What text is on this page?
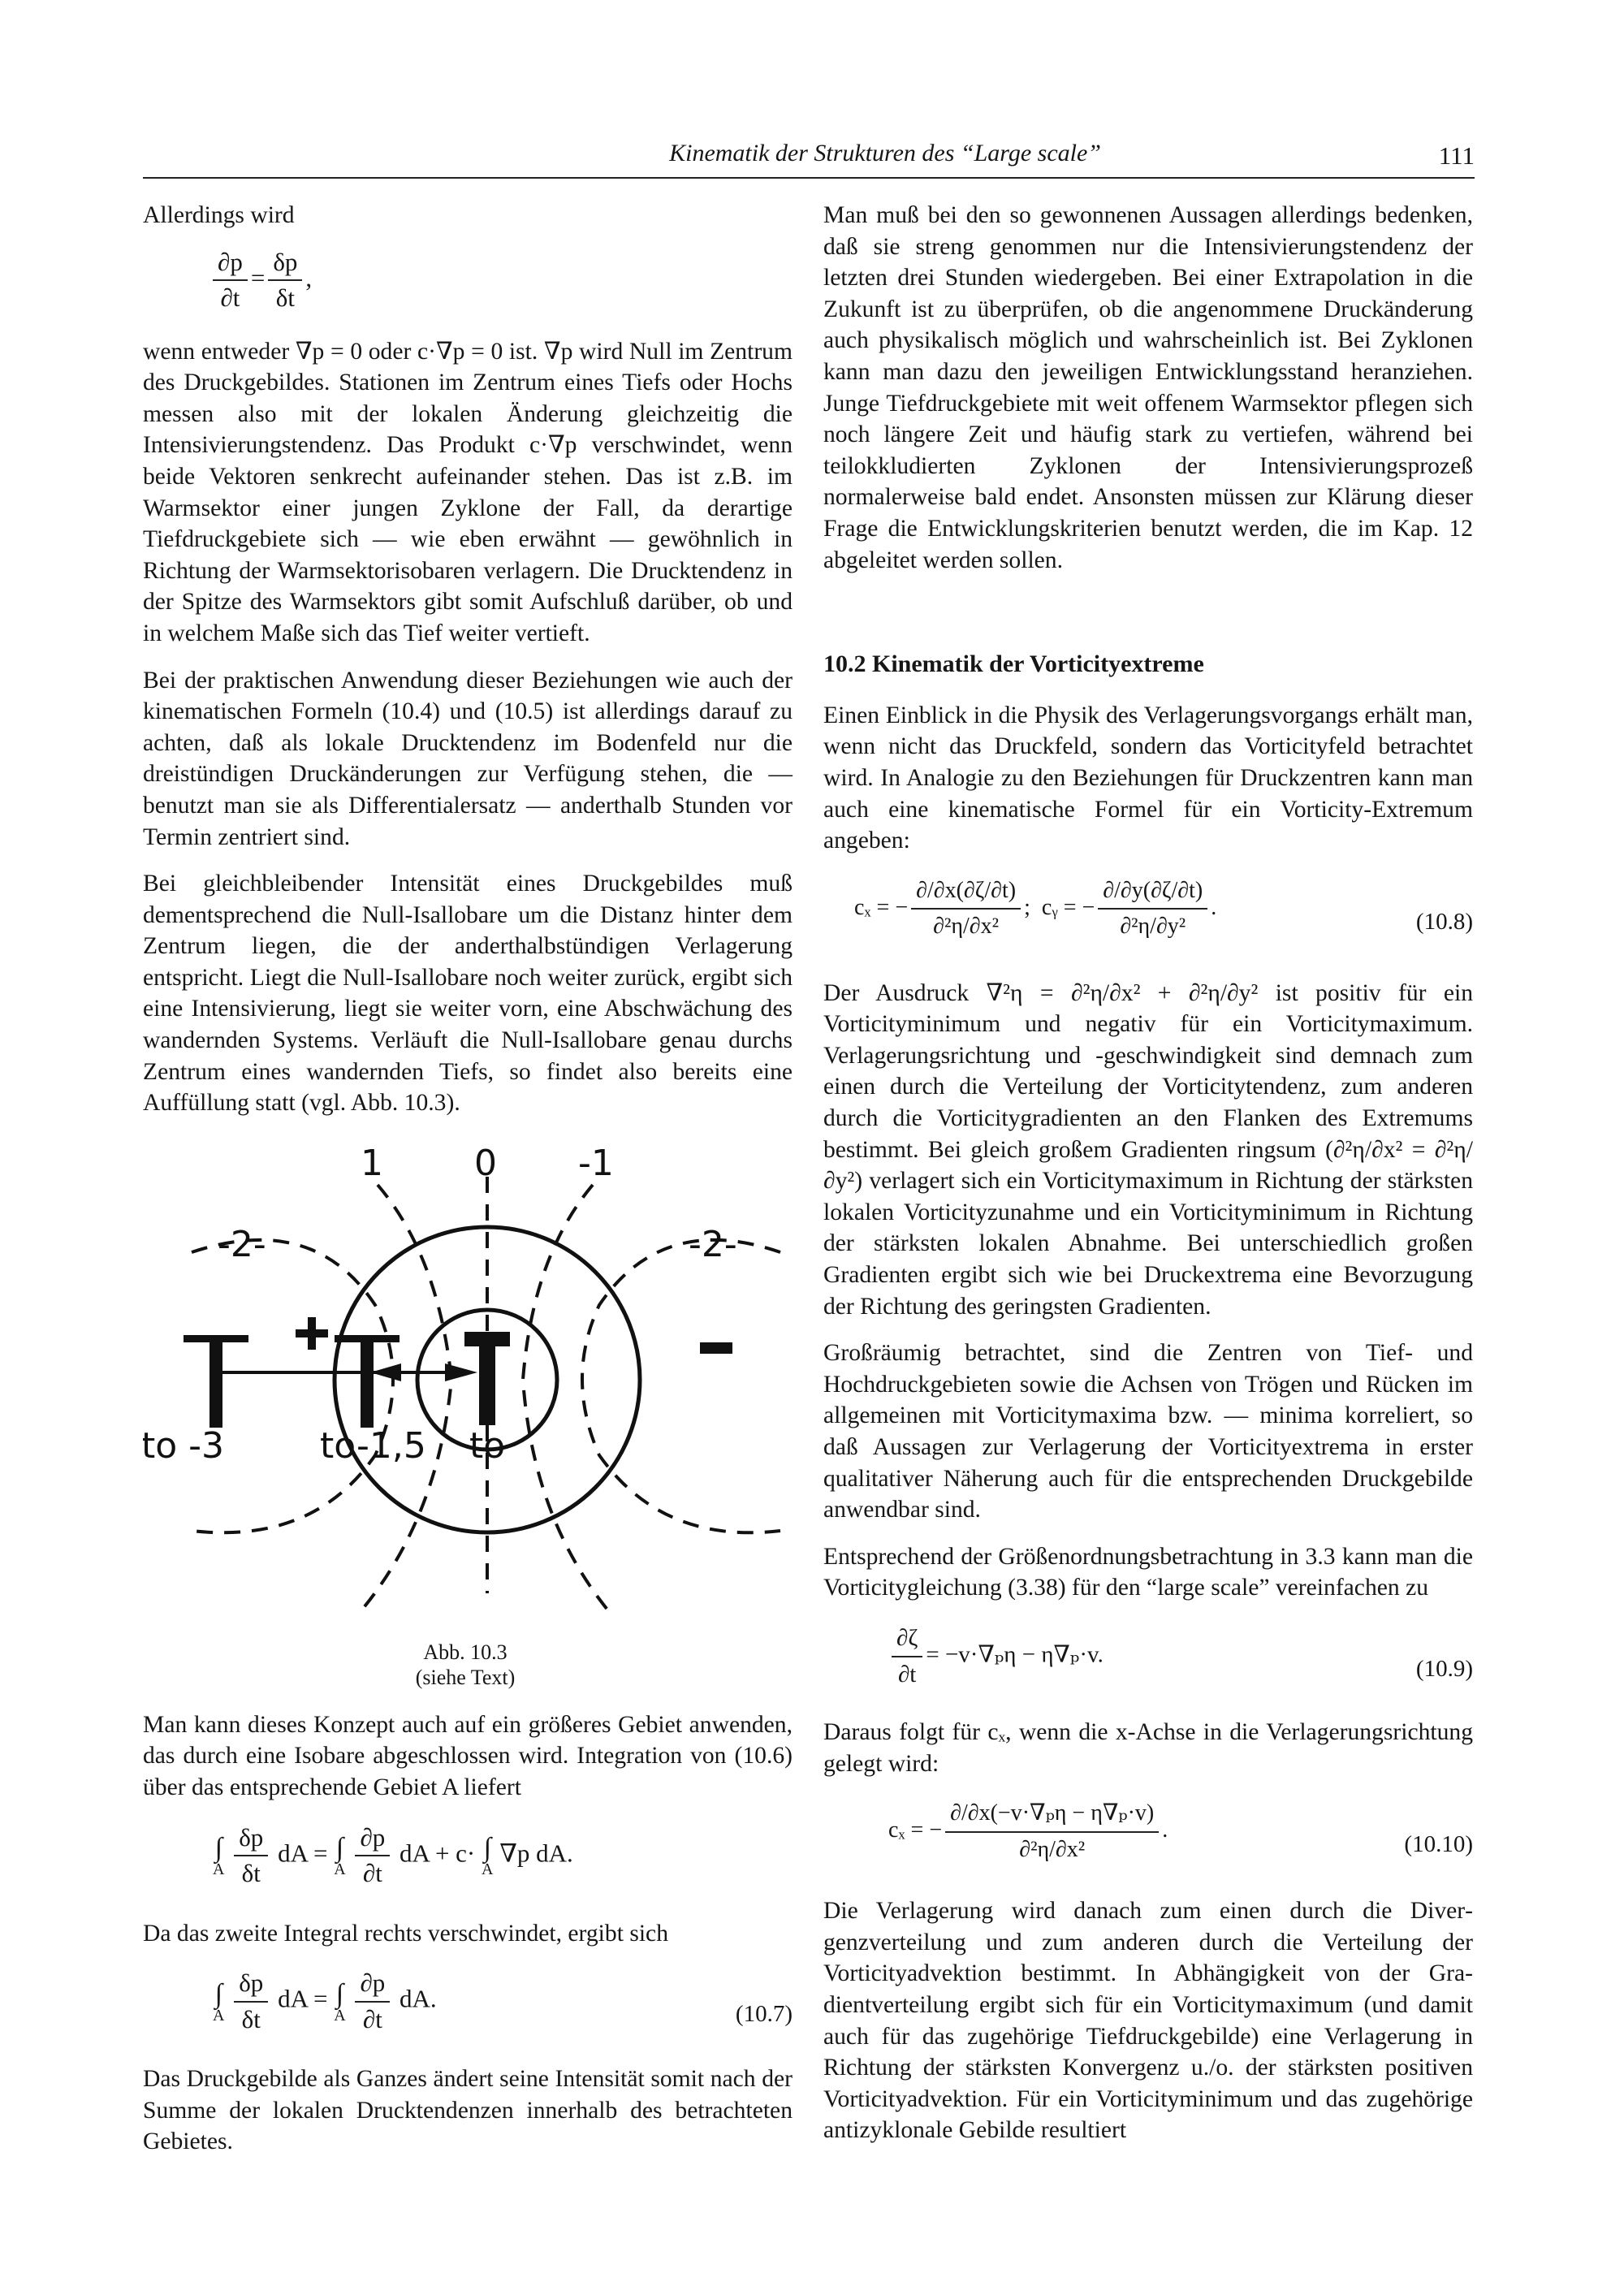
Kinematik der Strukturen des “Large scale”	111

Allerdings wird

$\frac{\partial p}{\partial t} = \frac{\delta p}{\delta t}$ ,

wenn entweder ∇p = 0 oder c·∇p = 0 ist. ∇p wird Null im Zentrum des Druckgebildes. Stationen im Zentrum eines Tiefs oder Hochs messen also mit der lokalen Änderung gleichzeitig die Intensivierungstendenz. Das Produkt c·∇p verschwindet, wenn beide Vektoren senkrecht aufeinander stehen. Das ist z.B. im Warmsektor einer jungen Zyklone der Fall, da derartige Tiefdruckgebiete sich — wie eben erwähnt — gewöhnlich in Richtung der Warmsektorisobaren verlagern. Die Drucktendenz in der Spitze des Warmsektors gibt somit Aufschluß darüber, ob und in welchem Maße sich das Tief weiter vertieft.

Bei der praktischen Anwendung dieser Beziehungen wie auch der kinematischen Formeln (10.4) und (10.5) ist allerdings darauf zu achten, daß als lokale Drucktendenz im Bodenfeld nur die dreistündigen Druckänderungen zur Verfügung stehen, die — benutzt man sie als Differentialersatz — anderthalb Stunden vor Termin zentriert sind.

Bei gleichbleibender Intensität eines Druckgebildes muß dementsprechend die Null-Isallobare um die Distanz hinter dem Zentrum liegen, die der anderthalbstündigen Verlagerung entspricht. Liegt die Null-Isallobare noch weiter zurück, ergibt sich eine Intensivierung, liegt sie weiter vorn, eine Abschwächung des wandernden Systems. Verläuft die Null-Isallobare genau durchs Zentrum eines wandernden Tiefs, so findet also bereits eine Auffüllung statt (vgl. Abb. 10.3).

1	0 -1
-2-	-2-
to -3	to-1,5 to
Abb. 10.3
(siehe Text)

Man kann dieses Konzept auch auf ein größeres Gebiet anwenden, das durch eine Isobare abgeschlossen wird. Integration von (10.6) über das entsprechende Gebiet A liefert

∫
A
$\frac{\delta p}{\delta t}$ dA = ∫
A
$\frac{\partial p}{\partial t}$ dA + c· ∫
A
∇p dA.

Da das zweite Integral rechts verschwindet, ergibt sich

∫
A
$\frac{\delta p}{\delta t}$ dA = ∫
A
$\frac{\partial p}{\partial t}$ dA.
(10.7)

Das Druckgebilde als Ganzes ändert seine Intensität somit nach der Summe der lokalen Drucktendenzen innerhalb des betrachteten Gebietes.

Man muß bei den so gewonnenen Aussagen allerdings bedenken, daß sie streng genommen nur die Intensivierungstendenz der letzten drei Stunden wiedergeben. Bei einer Extrapolation in die Zukunft ist zu überprüfen, ob die angenommene Druckänderung auch physikalisch möglich und wahrscheinlich ist. Bei Zyklonen kann man dazu den jeweiligen Entwicklungsstand heranziehen. Junge Tiefdruckgebiete mit weit offenem Warmsektor pflegen sich noch längere Zeit und häufig stark zu vertiefen, während bei teilokkludierten Zyklonen der Intensivierungsprozeß normalerweise bald endet. Ansonsten müssen zur Klärung dieser Frage die Entwicklungskriterien benutzt werden, die im Kap. 12 abgeleitet werden sollen.

10.2 Kinematik der Vorticityextreme

Einen Einblick in die Physik des Verlagerungsvorgangs erhält man, wenn nicht das Druckfeld, sondern das Vorticityfeld betrachtet wird. In Analogie zu den Beziehungen für Druckzentren kann man auch eine kinematische Formel für ein Vorticity-Extremum angeben:

cₓ = − $\frac{\partial/\partial x(\partial\zeta/\partial t)}{\text{∂²η/∂x²}}$ ; cᵧ = − $\frac{\partial/\partial y(\partial\zeta/\partial t)}{\text{∂²η/∂y²}}$ .
(10.8)

Der Ausdruck ∇²η = ∂²η/∂x² + ∂²η/∂y² ist positiv für ein Vorticityminimum und negativ für ein Vorticitymaximum. Verlagerungsrichtung und -geschwindigkeit sind demnach zum einen durch die Verteilung der Vorticitytendenz, zum anderen durch die Vorticitygradienten an den Flanken des Extremums bestimmt. Bei gleich großem Gradienten ringsum (∂²η/∂x² = ∂²η/∂y²) verlagert sich ein Vorticitymaximum in Richtung der stärksten lokalen Vorticityzunahme und ein Vorticityminimum in Richtung der stärksten lokalen Abnahme. Bei unterschiedlich großen Gradienten ergibt sich wie bei Druckextrema eine Bevorzugung der Richtung des geringsten Gradienten.

Großräumig betrachtet, sind die Zentren von Tief- und Hochdruckgebieten sowie die Achsen von Trögen und Rücken im allgemeinen mit Vorticitymaxima bzw. — minima korreliert, so daß Aussagen zur Verlagerung der Vorticityextrema in erster qualitativer Näherung auch für die entsprechenden Druckgebilde anwendbar sind.

Entsprechend der Größenordnungsbetrachtung in 3.3 kann man die Vorticitygleichung (3.38) für den “large scale” vereinfachen zu

$\frac{\partial\zeta}{\partial t} = -v\cdot\nabla_p\eta - \eta\nabla_p\cdot v$.
(10.9)

Daraus folgt für cₓ, wenn die x-Achse in die Verlagerungsrichtung gelegt wird:

cₓ = − $\frac{\text{∂/∂x(−v·∇ₚη − η∇ₚ·v)}}{\text{∂²η/∂x²}}$ .
(10.10)

Die Verlagerung wird danach zum einen durch die Divergenzverteilung und zum anderen durch die Verteilung der Vorticityadvektion bestimmt. In Abhängigkeit von der Gradientverteilung ergibt sich für ein Vorticitymaximum (und damit auch für das zugehörige Tiefdruckgebilde) eine Verlagerung in Richtung der stärksten Konvergenz u./o. der stärksten positiven Vorticityadvektion. Für ein Vorticityminimum und das zugehörige antizyklonale Gebilde resultiert
